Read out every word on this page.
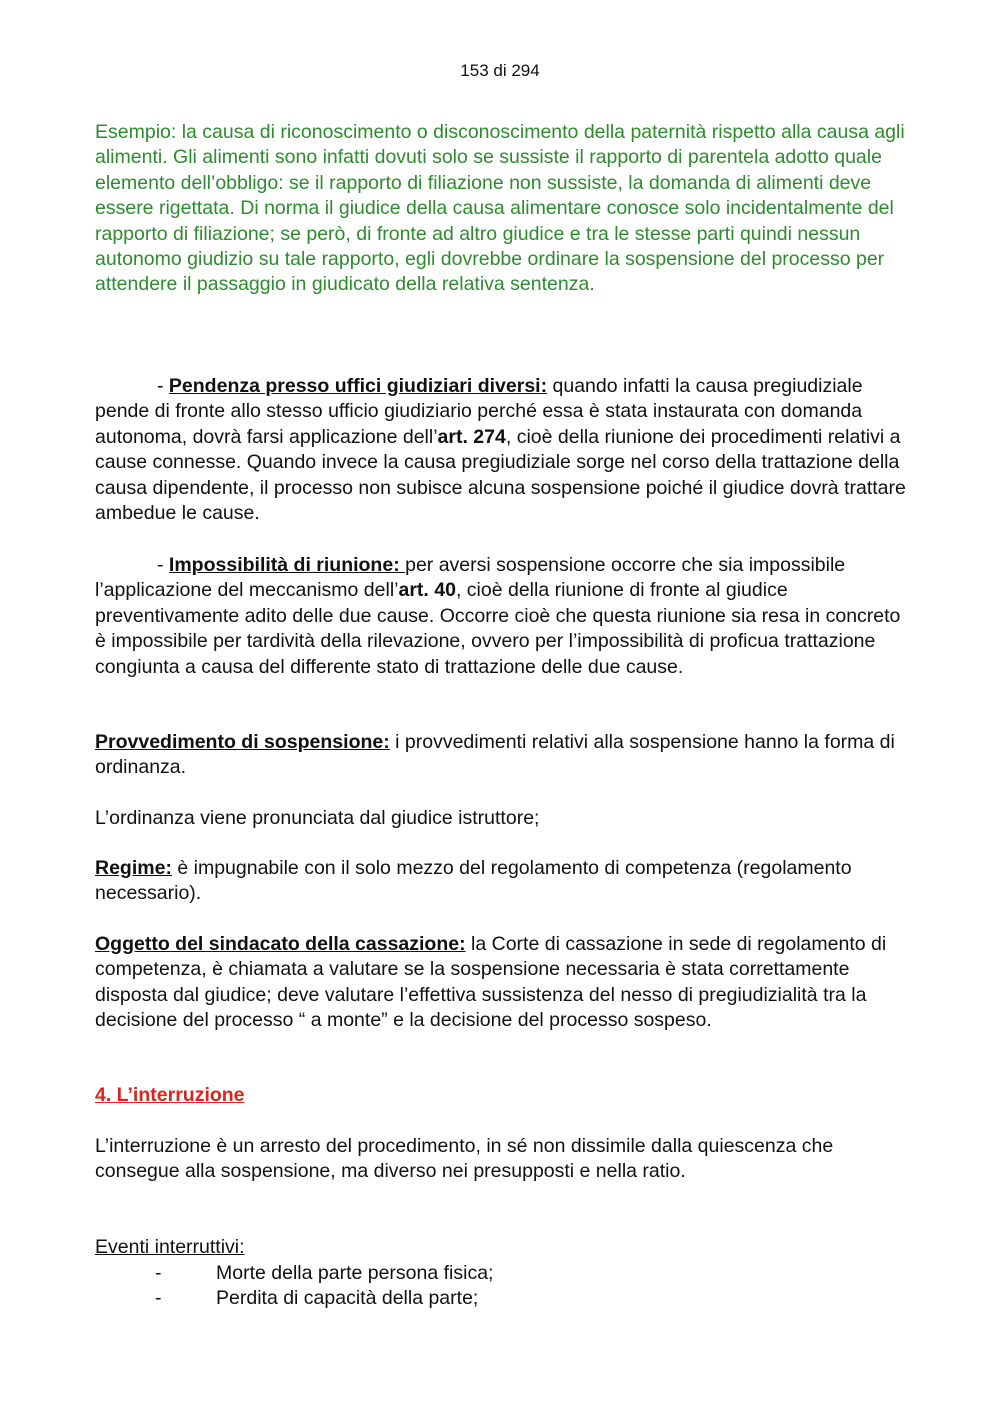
153 di 294

Esempio: la causa di riconoscimento o disconoscimento della paternità rispetto alla causa agli alimenti. Gli alimenti sono infatti dovuti solo se sussiste il rapporto di parentela adotto quale elemento dell’obbligo: se il rapporto di filiazione non sussiste, la domanda di alimenti deve essere rigettata. Di norma il giudice della causa alimentare conosce solo incidentalmente del rapporto di filiazione; se però, di fronte ad altro giudice e tra le stesse parti quindi nessun autonomo giudizio su tale rapporto, egli dovrebbe ordinare la sospensione del processo per attendere il passaggio in giudicato della relativa sentenza.

- Pendenza presso uffici giudiziari diversi: quando infatti la causa pregiudiziale pende di fronte allo stesso ufficio giudiziario perché essa è stata instaurata con domanda autonoma, dovrà farsi applicazione dell’art. 274, cioè della riunione dei procedimenti relativi a cause connesse. Quando invece la causa pregiudiziale sorge nel corso della trattazione della causa dipendente, il processo non subisce alcuna sospensione poiché il giudice dovrà trattare ambedue le cause.

- Impossibilità di riunione: per aversi sospensione occorre che sia impossibile l’applicazione del meccanismo dell’art. 40, cioè della riunione di fronte al giudice preventivamente adito delle due cause. Occorre cioè che questa riunione sia resa in concreto è impossibile per tardività della rilevazione, ovvero per l’impossibilità di proficua trattazione congiunta a causa del differente stato di trattazione delle due cause.

Provvedimento di sospensione: i provvedimenti relativi alla sospensione hanno la forma di ordinanza.

L’ordinanza viene pronunciata dal giudice istruttore;

Regime: è impugnabile con il solo mezzo del regolamento di competenza (regolamento necessario).

Oggetto del sindacato della cassazione: la Corte di cassazione in sede di regolamento di competenza, è chiamata a valutare se la sospensione necessaria è stata correttamente disposta dal giudice; deve valutare l’effettiva sussistenza del nesso di pregiudizialità tra la decisione del processo “ a monte” e la decisione del processo sospeso.

4. L’interruzione

L’interruzione è un arresto del procedimento, in sé non dissimile dalla quiescenza che consegue alla sospensione, ma diverso nei presupposti e nella ratio.

Eventi interruttivi:

-	Morte della parte persona fisica;
-	Perdita di capacità della parte;
